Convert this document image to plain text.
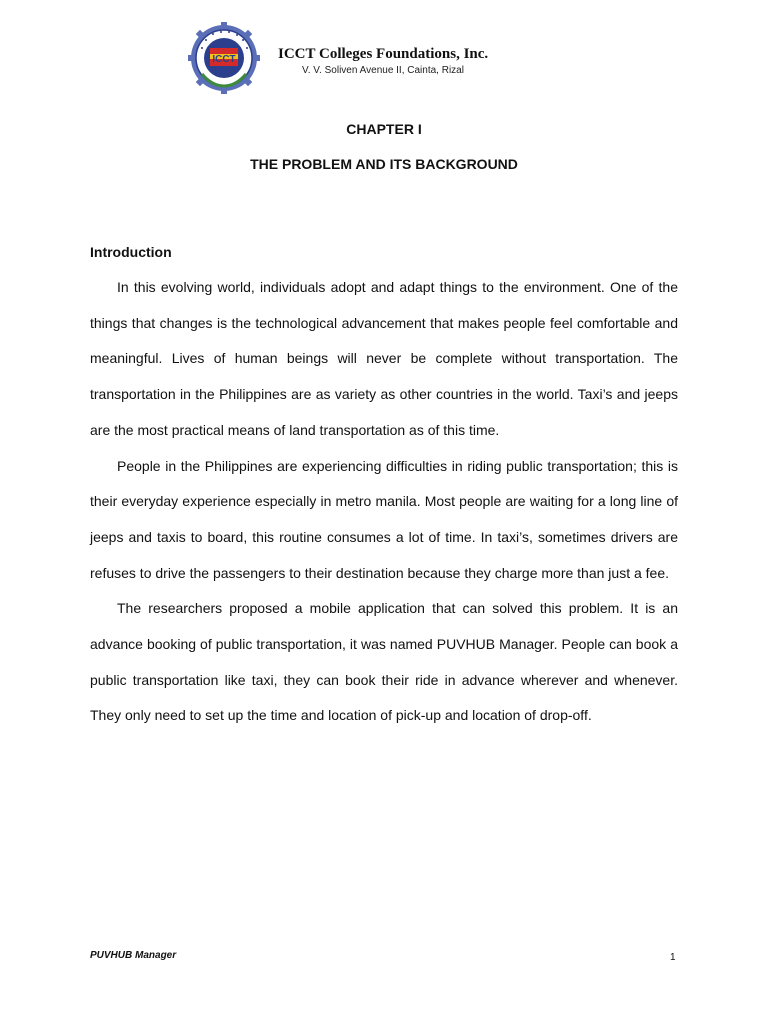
ICCT	ICCT Colleges Foundations, Inc.
V. V. Soliven Avenue II, Cainta, Rizal
CHAPTER I
THE PROBLEM AND ITS BACKGROUND
Introduction

In this evolving world, individuals adopt and adapt things to the environment. One of the things that changes is the technological advancement that makes people feel comfortable and meaningful. Lives of human beings will never be complete without transportation. The transportation in the Philippines are as variety as other countries in the world. Taxi’s and jeeps are the most practical means of land transportation as of this time.

People in the Philippines are experiencing difficulties in riding public transportation; this is their everyday experience especially in metro manila. Most people are waiting for a long line of jeeps and taxis to board, this routine consumes a lot of time. In taxi’s, sometimes drivers are refuses to drive the passengers to their destination because they charge more than just a fee.

The researchers proposed a mobile application that can solved this problem. It is an advance booking of public transportation, it was named PUVHUB Manager. People can book a public transportation like taxi, they can book their ride in advance wherever and whenever. They only need to set up the time and location of pick-up and location of drop-off.

PUVHUB Manager	1
